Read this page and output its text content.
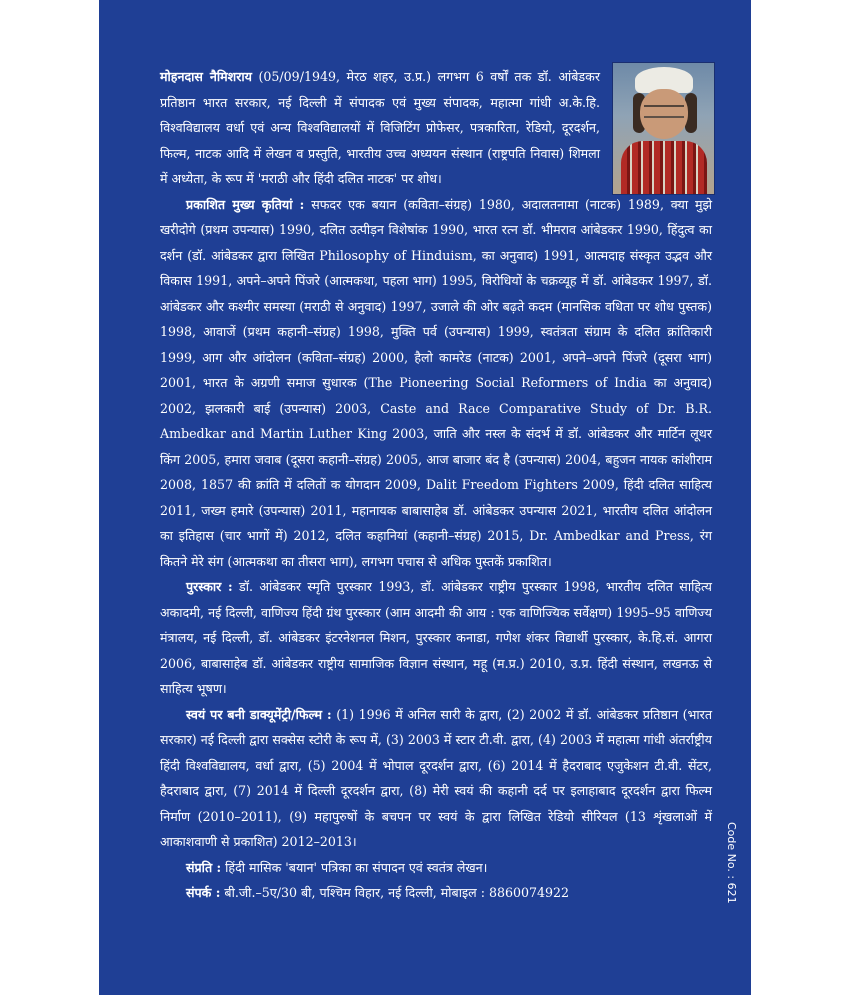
मोहनदास नैमिशराय (05/09/1949, मेरठ शहर, उ.प्र.) लगभग 6 वर्षों तक डॉ. आंबेडकर प्रतिष्ठान भारत सरकार, नई दिल्ली में संपादक एवं मुख्य संपादक, महात्मा गांधी अ.के.हि. विश्वविद्यालय वर्धा एवं अन्य विश्वविद्यालयों में विजिटिंग प्रोफेसर, पत्रकारिता, रेडियो, दूरदर्शन, फिल्म, नाटक आदि में लेखन व प्रस्तुति, भारतीय उच्च अध्ययन संस्थान (राष्ट्रपति निवास) शिमला में अध्येता, के रूप में 'मराठी और हिंदी दलित नाटक' पर शोध।

प्रकाशित मुख्य कृतियां : सफदर एक बयान (कविता–संग्रह) 1980, अदालतनामा (नाटक) 1989, क्या मुझे खरीदोगे (प्रथम उपन्यास) 1990, दलित उत्पीड़न विशेषांक 1990, भारत रत्न डॉ. भीमराव आंबेडकर 1990, हिंदुत्व का दर्शन (डॉ. आंबेडकर द्वारा लिखित Philosophy of Hinduism, का अनुवाद) 1991, आत्मदाह संस्कृत उद्भव और विकास 1991, अपने–अपने पिंजरे (आत्मकथा, पहला भाग) 1995, विरोधियों के चक्रव्यूह में डॉ. आंबेडकर 1997, डॉ. आंबेडकर और कश्मीर समस्या (मराठी से अनुवाद) 1997, उजाले की ओर बढ़ते कदम (मानसिक वधिता पर शोध पुस्तक) 1998, आवाजें (प्रथम कहानी–संग्रह) 1998, मुक्ति पर्व (उपन्यास) 1999, स्वतंत्रता संग्राम के दलित क्रांतिकारी 1999, आग और आंदोलन (कविता–संग्रह) 2000, हैलो कामरेड (नाटक) 2001, अपने–अपने पिंजरे (दूसरा भाग) 2001, भारत के अग्रणी समाज सुधारक (The Pioneering Social Reformers of India का अनुवाद) 2002, झलकारी बाई (उपन्यास) 2003, Caste and Race Comparative Study of Dr. B.R. Ambedkar and Martin Luther King 2003, जाति और नस्ल के संदर्भ में डॉ. आंबेडकर और मार्टिन लूथर किंग 2005, हमारा जवाब (दूसरा कहानी–संग्रह) 2005, आज बाजार बंद है (उपन्यास) 2004, बहुजन नायक कांशीराम 2008, 1857 की क्रांति में दलितों क योगदान 2009, Dalit Freedom Fighters 2009, हिंदी दलित साहित्य 2011, जख्म हमारे (उपन्यास) 2011, महानायक बाबासाहेब डॉ. आंबेडकर उपन्यास 2021, भारतीय दलित आंदोलन का इतिहास (चार भागों में) 2012, दलित कहानियां (कहानी–संग्रह) 2015, Dr. Ambedkar and Press, रंग कितने मेरे संग (आत्मकथा का तीसरा भाग), लगभग पचास से अधिक पुस्तकें प्रकाशित।

पुरस्कार : डॉ. आंबेडकर स्मृति पुरस्कार 1993, डॉ. आंबेडकर राष्ट्रीय पुरस्कार 1998, भारतीय दलित साहित्य अकादमी, नई दिल्ली, वाणिज्य हिंदी ग्रंथ पुरस्कार (आम आदमी की आय : एक वाणिज्यिक सर्वेक्षण) 1995–95 वाणिज्य मंत्रालय, नई दिल्ली, डॉ. आंबेडकर इंटरनेशनल मिशन, पुरस्कार कनाडा, गणेश शंकर विद्यार्थी पुरस्कार, के.हि.सं. आगरा 2006, बाबासाहेब डॉ. आंबेडकर राष्ट्रीय सामाजिक विज्ञान संस्थान, महू (म.प्र.) 2010, उ.प्र. हिंदी संस्थान, लखनऊ से साहित्य भूषण।

स्वयं पर बनी डाक्यूमेंट्री/फिल्म : (1) 1996 में अनिल सारी के द्वारा, (2) 2002 में डॉ. आंबेडकर प्रतिष्ठान (भारत सरकार) नई दिल्ली द्वारा सक्सेस स्टोरी के रूप में, (3) 2003 में स्टार टी.वी. द्वारा, (4) 2003 में महात्मा गांधी अंतर्राष्ट्रीय हिंदी विश्वविद्यालय, वर्धा द्वारा, (5) 2004 में भोपाल दूरदर्शन द्वारा, (6) 2014 में हैदराबाद एजुकेशन टी.वी. सेंटर, हैदराबाद द्वारा, (7) 2014 में दिल्ली दूरदर्शन द्वारा, (8) मेरी स्वयं की कहानी दर्द पर इलाहाबाद दूरदर्शन द्वारा फिल्म निर्माण (2010–2011), (9) महापुरुषों के बचपन पर स्वयं के द्वारा लिखित रेडियो सीरियल (13 शृंखलाओं में आकाशवाणी से प्रकाशित) 2012–2013।

संप्रति : हिंदी मासिक 'बयान' पत्रिका का संपादन एवं स्वतंत्र लेखन।

संपर्क : बी.जी.–5ए/30 बी, पश्चिम विहार, नई दिल्ली, मोबाइल : 8860074922	Code No. : 621
